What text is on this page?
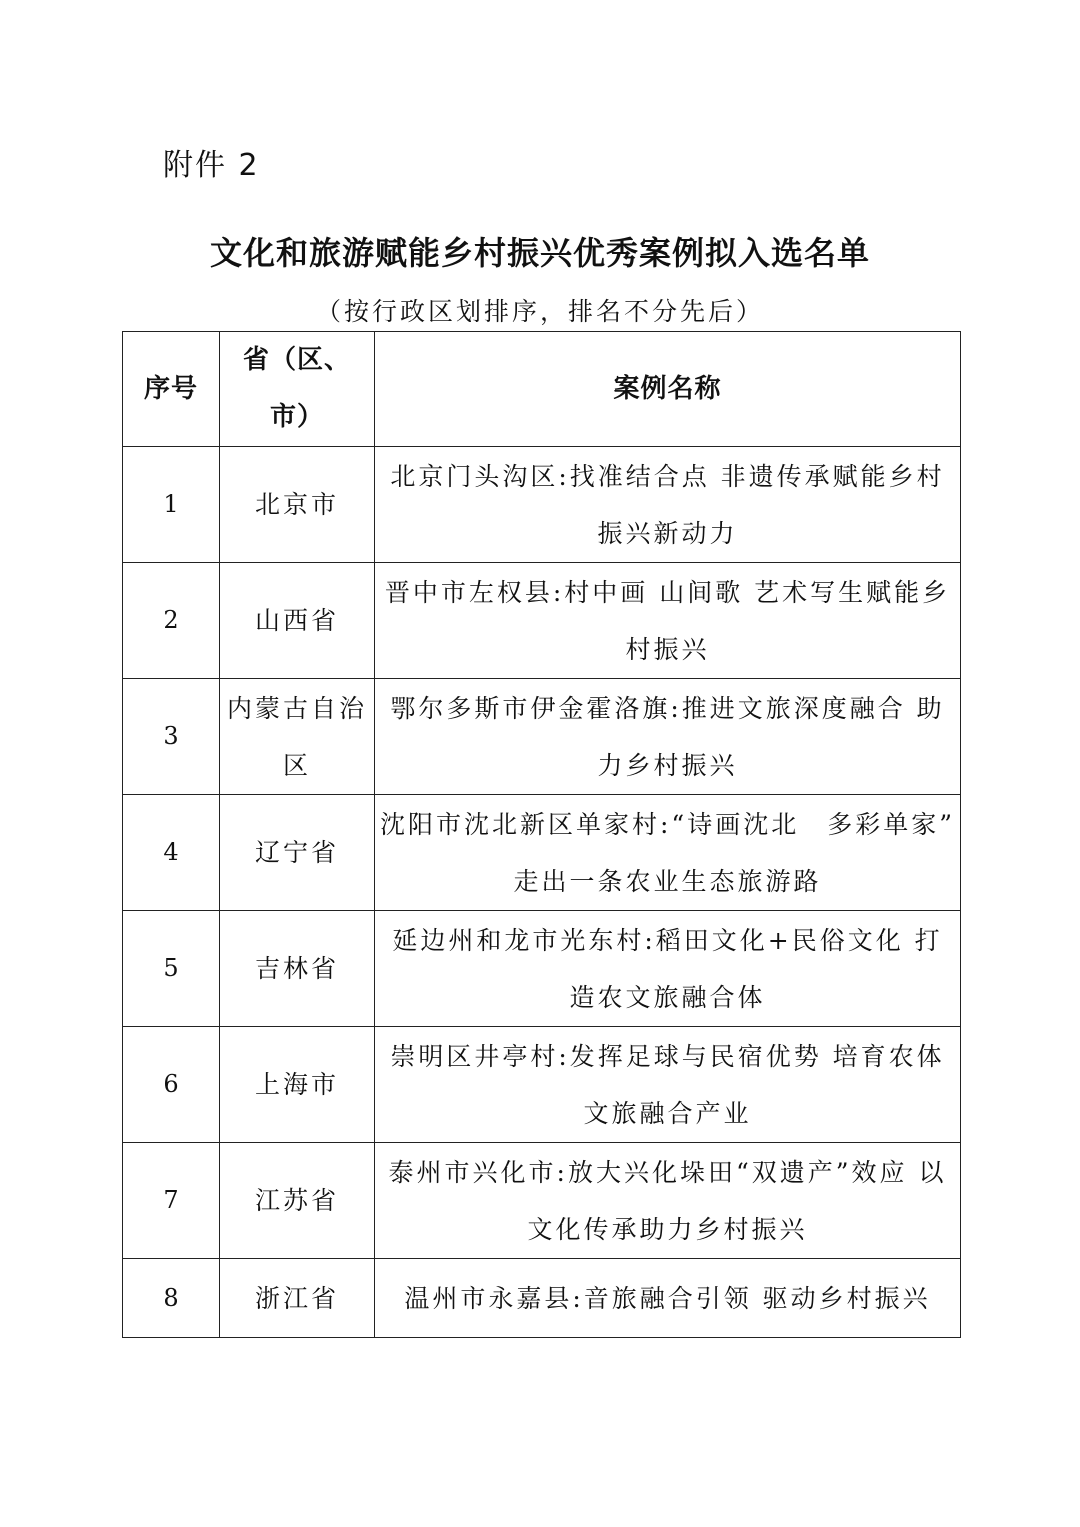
附件 2
文化和旅游赋能乡村振兴优秀案例拟入选名单
（按行政区划排序，排名不分先后）
序号	省（区、市）	案例名称
1	北京市	北京门头沟区:找准结合点 非遗传承赋能乡村振兴新动力
2	山西省	晋中市左权县:村中画 山间歌 艺术写生赋能乡村振兴
3	内蒙古自治区	鄂尔多斯市伊金霍洛旗:推进文旅深度融合 助力乡村振兴
4	辽宁省	沈阳市沈北新区单家村:“诗画沈北　多彩单家” 走出一条农业生态旅游路
5	吉林省	延边州和龙市光东村:稻田文化+民俗文化 打造农文旅融合体
6	上海市	崇明区井亭村:发挥足球与民宿优势 培育农体文旅融合产业
7	江苏省	泰州市兴化市:放大兴化垛田“双遗产”效应 以文化传承助力乡村振兴
8	浙江省	温州市永嘉县:音旅融合引领 驱动乡村振兴
